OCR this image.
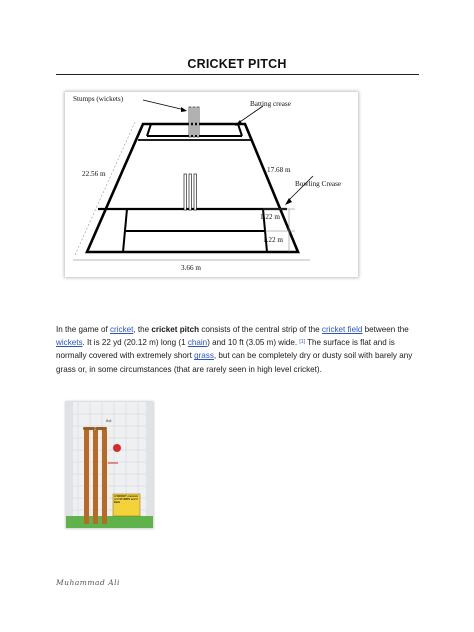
CRICKET PITCH
Stumps (wickets)
Batting crease
22.56 m	17.68 m
Bowling Crease
1.22 m
1.22 m
3.66 m
In the game of cricket, the cricket pitch consists of the central strip of the cricket field between the wickets. It is 22 yd (20.12 m) long (1 chain) and 10 ft (3.05 m) wide. [1] The surface is flat and is normally covered with extremely short grass, but can be completely dry or dusty soil with barely any grass or, in some circumstances (that are rarely seen in high level cricket).
Bail
A WICKET consists of 3 STUMPS and 2 Bails
Muhammad Ali
